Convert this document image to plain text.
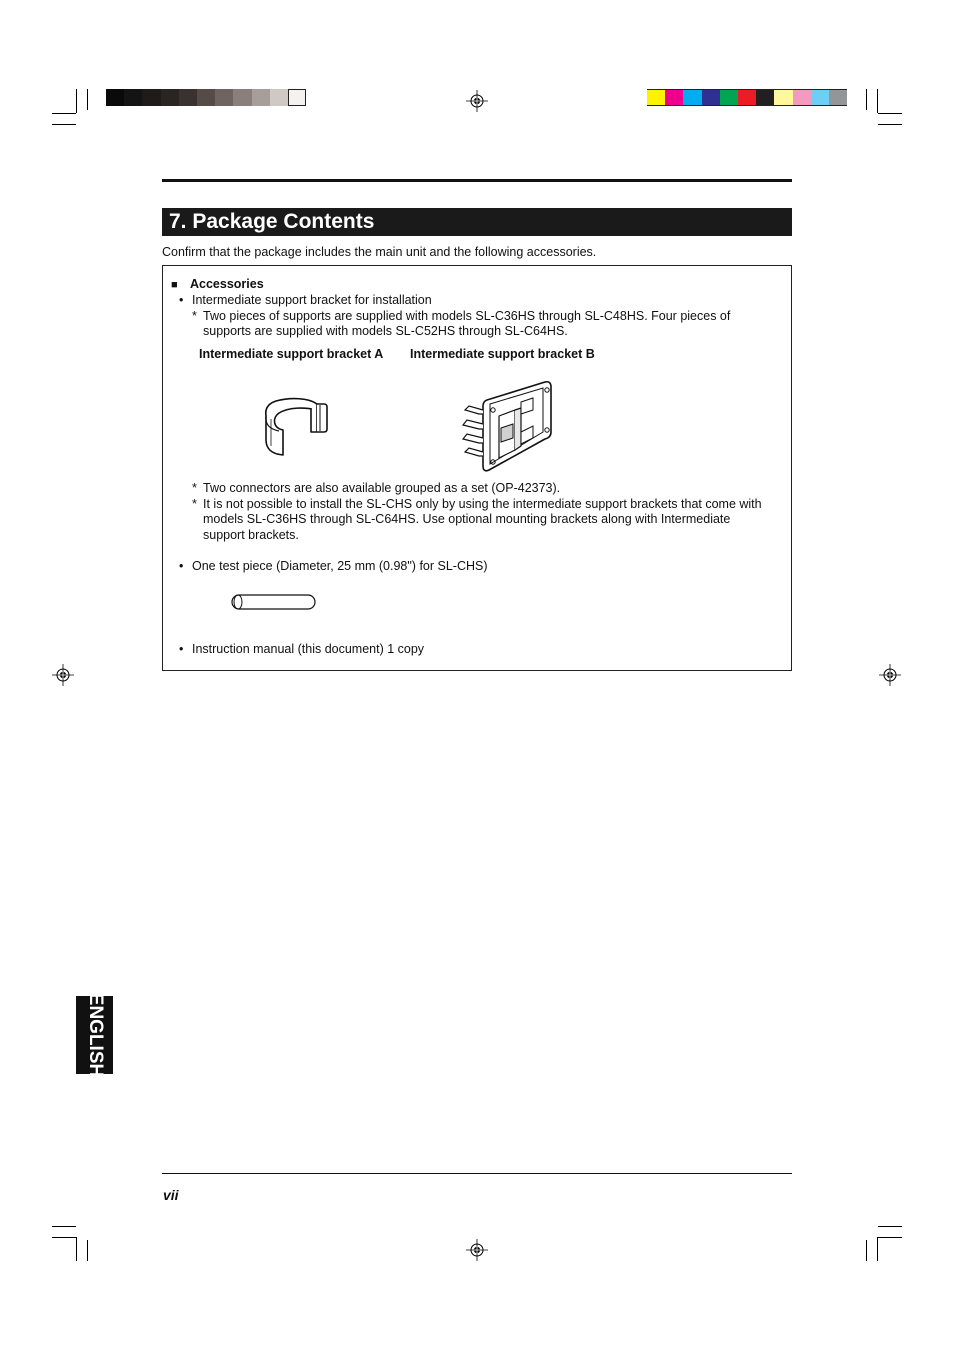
7. Package Contents
Confirm that the package includes the main unit and the following accessories.
■ Accessories
• Intermediate support bracket for installation
* Two pieces of supports are supplied with models SL-C36HS through SL-C48HS. Four pieces of
supports are supplied with models SL-C52HS through SL-C64HS.
Intermediate support bracket A Intermediate support bracket B
* Two connectors are also available grouped as a set (OP-42373).
* It is not possible to install the SL-CHS only by using the intermediate support brackets that come with
models SL-C36HS through SL-C64HS. Use optional mounting brackets along with Intermediate
support brackets.
• One test piece (Diameter, 25 mm (0.98") for SL-CHS)
• Instruction manual (this document) 1 copy
ENGLISH
vii
